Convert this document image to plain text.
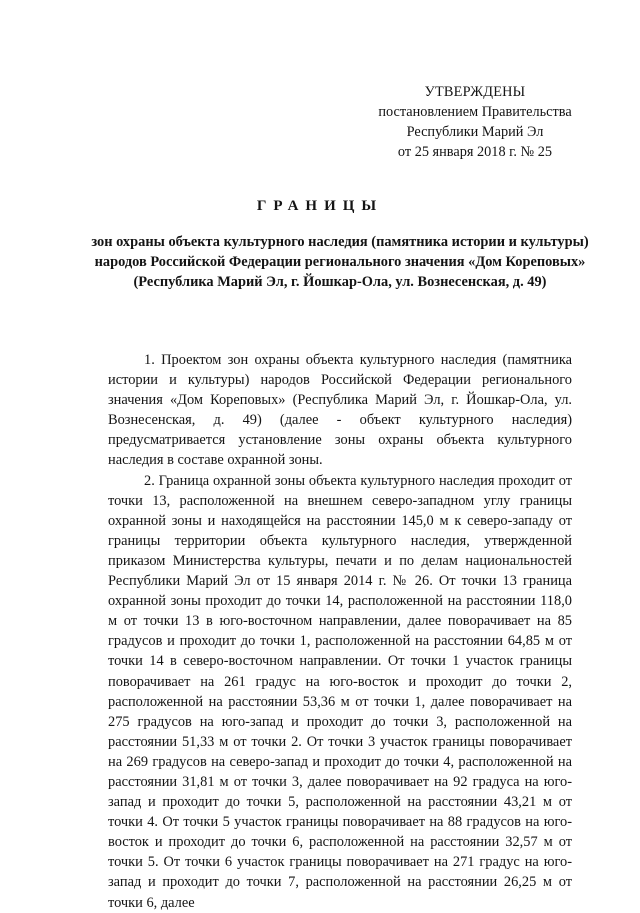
УТВЕРЖДЕНЫ
постановлением Правительства
Республики Марий Эл
от 25 января 2018 г. № 25
ГРАНИЦЫ
зон охраны объекта культурного наследия (памятника истории и культуры) народов Российской Федерации регионального значения «Дом Кореповых» (Республика Марий Эл, г. Йошкар-Ола, ул. Вознесенская, д. 49)

1. Проектом зон охраны объекта культурного наследия (памятника истории и культуры) народов Российской Федерации регионального значения «Дом Кореповых» (Республика Марий Эл, г. Йошкар-Ола, ул. Вознесенская, д. 49) (далее - объект культурного наследия) предусматривается установление зоны охраны объекта культурного наследия в составе охранной зоны.

2. Граница охранной зоны объекта культурного наследия проходит от точки 13, расположенной на внешнем северо-западном углу границы охранной зоны и находящейся на расстоянии 145,0 м к северо-западу от границы территории объекта культурного наследия, утвержденной приказом Министерства культуры, печати и по делам национальностей Республики Марий Эл от 15 января 2014 г. № 26. От точки 13 граница охранной зоны проходит до точки 14, расположенной на расстоянии 118,0 м от точки 13 в юго-восточном направлении, далее поворачивает на 85 градусов и проходит до точки 1, расположенной на расстоянии 64,85 м от точки 14 в северо-восточном направлении. От точки 1 участок границы поворачивает на 261 градус на юго-восток и проходит до точки 2, расположенной на расстоянии 53,36 м от точки 1, далее поворачивает на 275 градусов на юго-запад и проходит до точки 3, расположенной на расстоянии 51,33 м от точки 2. От точки 3 участок границы поворачивает на 269 градусов на северо-запад и проходит до точки 4, расположенной на расстоянии 31,81 м от точки 3, далее поворачивает на 92 градуса на юго-запад и проходит до точки 5, расположенной на расстоянии 43,21 м от точки 4. От точки 5 участок границы поворачивает на 88 градусов на юго-восток и проходит до точки 6, расположенной на расстоянии 32,57 м от точки 5. От точки 6 участок границы поворачивает на 271 градус на юго-запад и проходит до точки 7, расположенной на расстоянии 26,25 м от точки 6, далее
